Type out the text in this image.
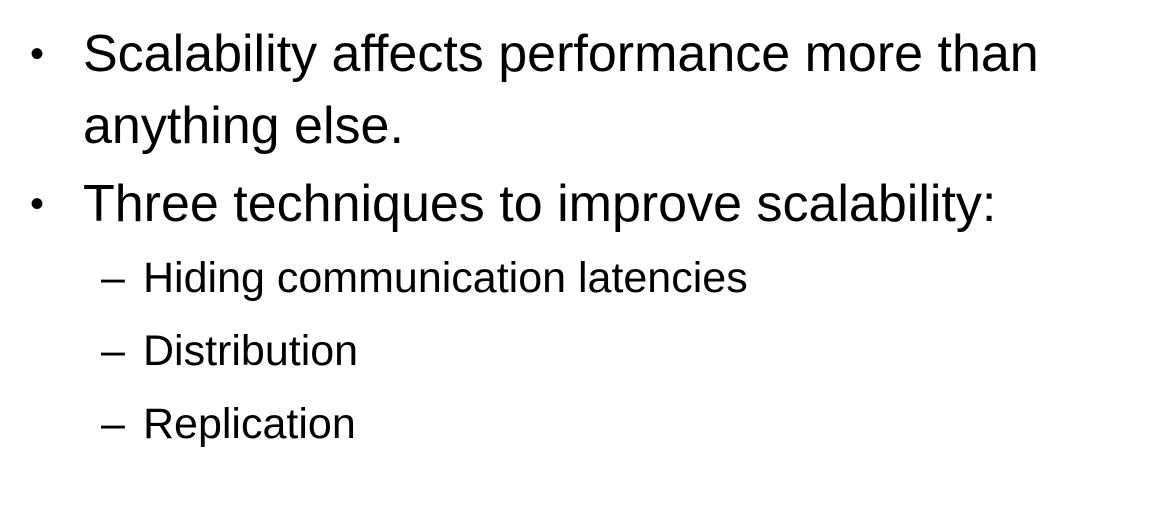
• Scalability affects performance more than anything else.
• Three techniques to improve scalability:
– Hiding communication latencies
– Distribution
– Replication
